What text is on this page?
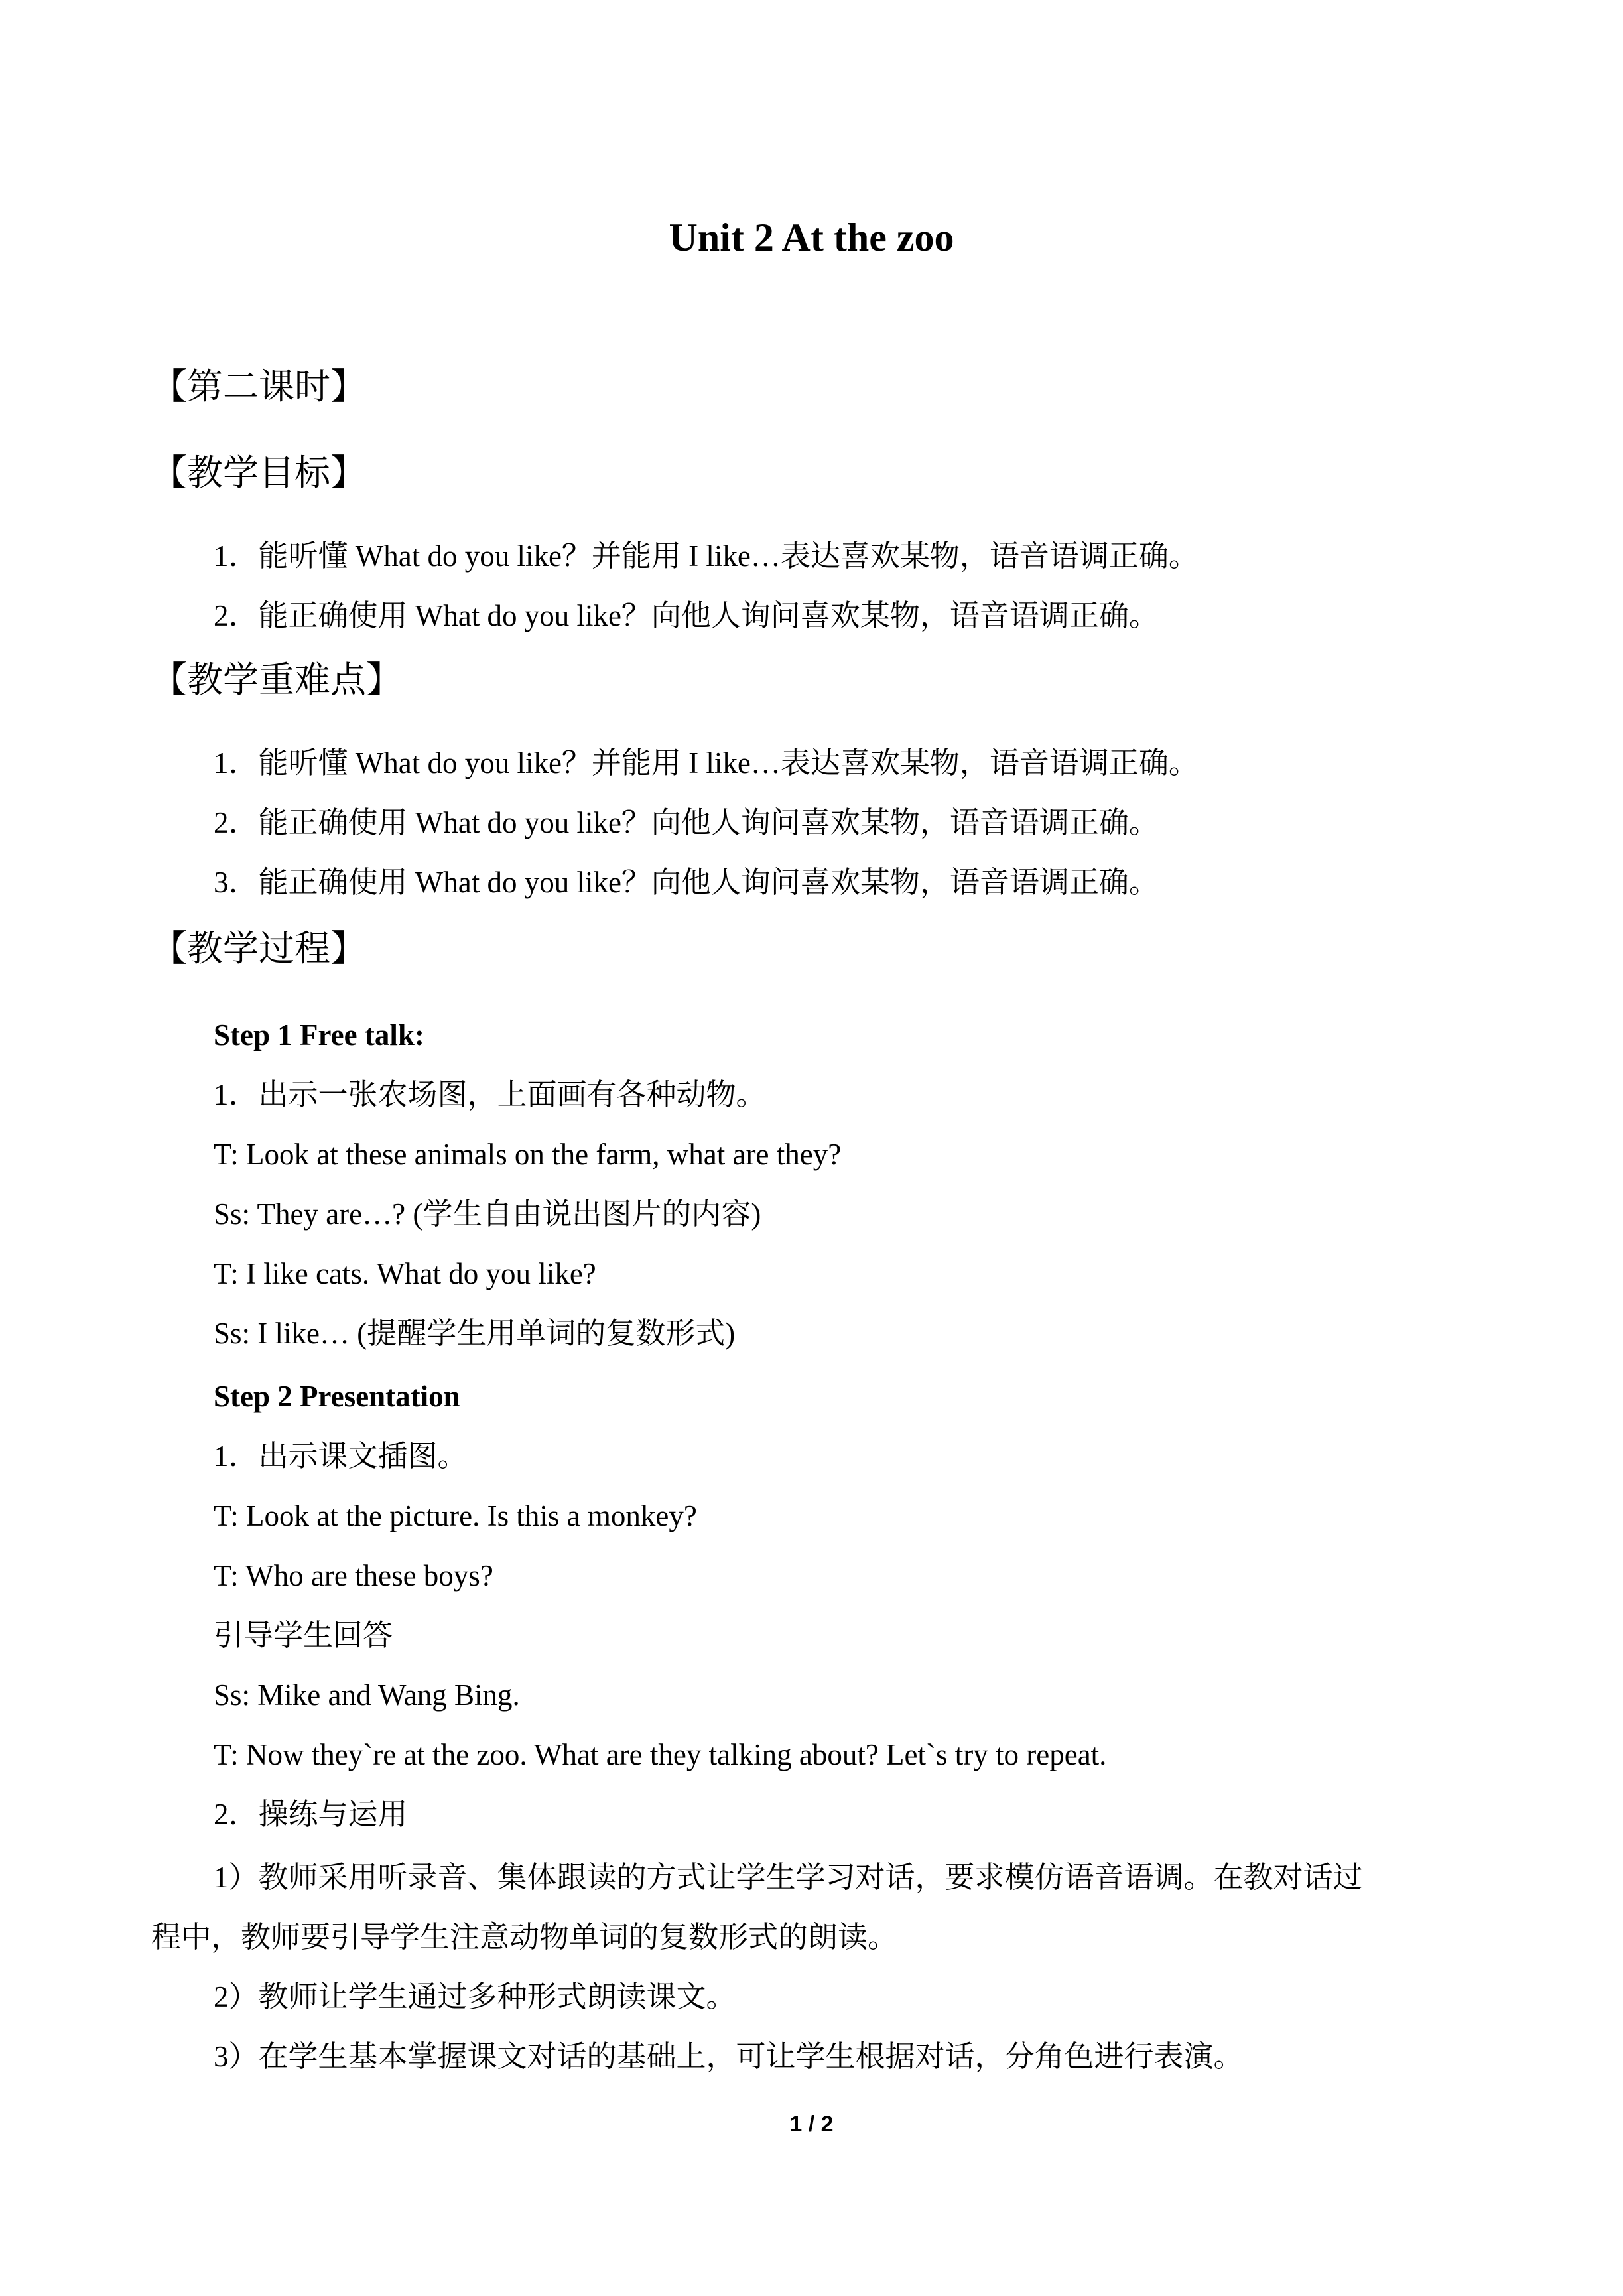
Unit 2 At the zoo

【第二课时】

【教学目标】

1．能听懂 What do you like？并能用 I like…表达喜欢某物，语音语调正确。

2．能正确使用 What do you like？向他人询问喜欢某物，语音语调正确。

【教学重难点】

1．能听懂 What do you like？并能用 I like…表达喜欢某物，语音语调正确。

2．能正确使用 What do you like？向他人询问喜欢某物，语音语调正确。

3．能正确使用 What do you like？向他人询问喜欢某物，语音语调正确。

【教学过程】

Step 1 Free talk:

1．出示一张农场图，上面画有各种动物。

T: Look at these animals on the farm, what are they?

Ss: They are…? (学生自由说出图片的内容)

T: I like cats. What do you like?

Ss: I like… (提醒学生用单词的复数形式)

Step 2 Presentation

1．出示课文插图。

T: Look at the picture. Is this a monkey?

T: Who are these boys?

引导学生回答

Ss: Mike and Wang Bing.

T: Now they`re at the zoo. What are they talking about? Let`s try to repeat.

2．操练与运用

1）教师采用听录音、集体跟读的方式让学生学习对话，要求模仿语音语调。在教对话过

程中，教师要引导学生注意动物单词的复数形式的朗读。

2）教师让学生通过多种形式朗读课文。

3）在学生基本掌握课文对话的基础上，可让学生根据对话，分角色进行表演。

1 / 2
